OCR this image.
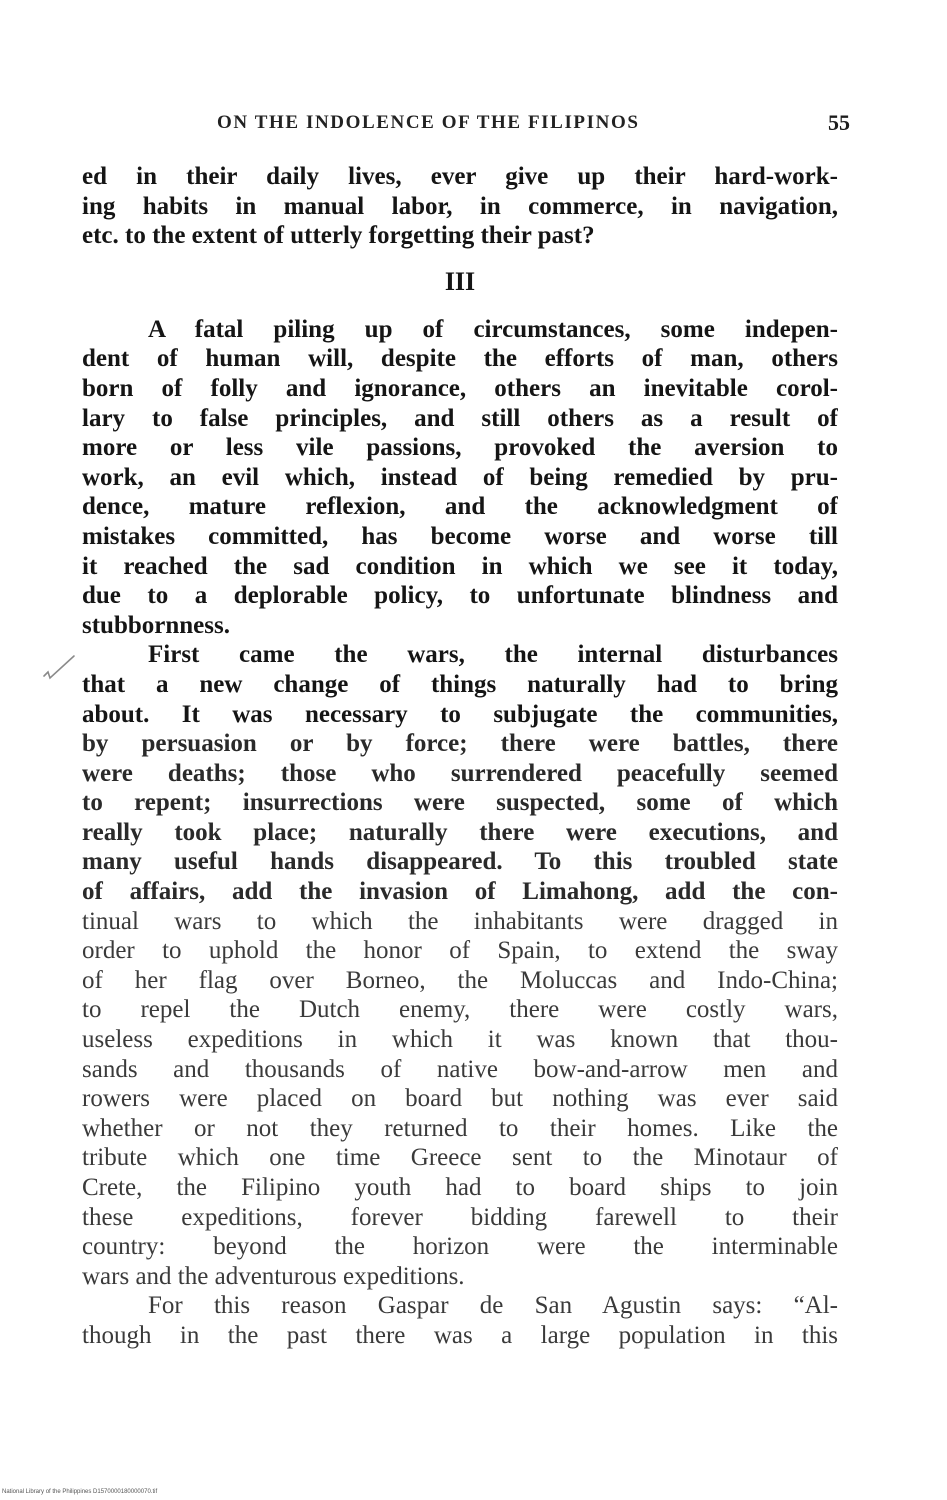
ON THE INDOLENCE OF THE FILIPINOS	55
ed in their daily lives, ever give up their hard-work-
ing habits in manual labor, in commerce, in navigation,
etc. to the extent of utterly forgetting their past?
III
A fatal piling up of circumstances, some indepen-
dent of human will, despite the efforts of man, others
born of folly and ignorance, others an inevitable corol-
lary to false principles, and still others as a result of
more or less vile passions, provoked the aversion to
work, an evil which, instead of being remedied by pru-
dence, mature reflexion, and the acknowledgment of
mistakes committed, has become worse and worse till
it reached the sad condition in which we see it today,
due to a deplorable policy, to unfortunate blindness and
stubbornness.
First came the wars, the internal disturbances
that a new change of things naturally had to bring
about. It was necessary to subjugate the communities,
by persuasion or by force; there were battles, there
were deaths; those who surrendered peacefully seemed
to repent; insurrections were suspected, some of which
really took place; naturally there were executions, and
many useful hands disappeared. To this troubled state
of affairs, add the invasion of Limahong, add the con-
tinual wars to which the inhabitants were dragged in
order to uphold the honor of Spain, to extend the sway
of her flag over Borneo, the Moluccas and Indo-China;
to repel the Dutch enemy, there were costly wars,
useless expeditions in which it was known that thou-
sands and thousands of native bow-and-arrow men and
rowers were placed on board but nothing was ever said
whether or not they returned to their homes. Like the
tribute which one time Greece sent to the Minotaur of
Crete, the Filipino youth had to board ships to join
these expeditions, forever bidding farewell to their
country: beyond the horizon were the interminable
wars and the adventurous expeditions.
For this reason Gaspar de San Agustin says: “Al-
though in the past there was a large population in this
National Library of the Philippines D1570000180000070.tif
